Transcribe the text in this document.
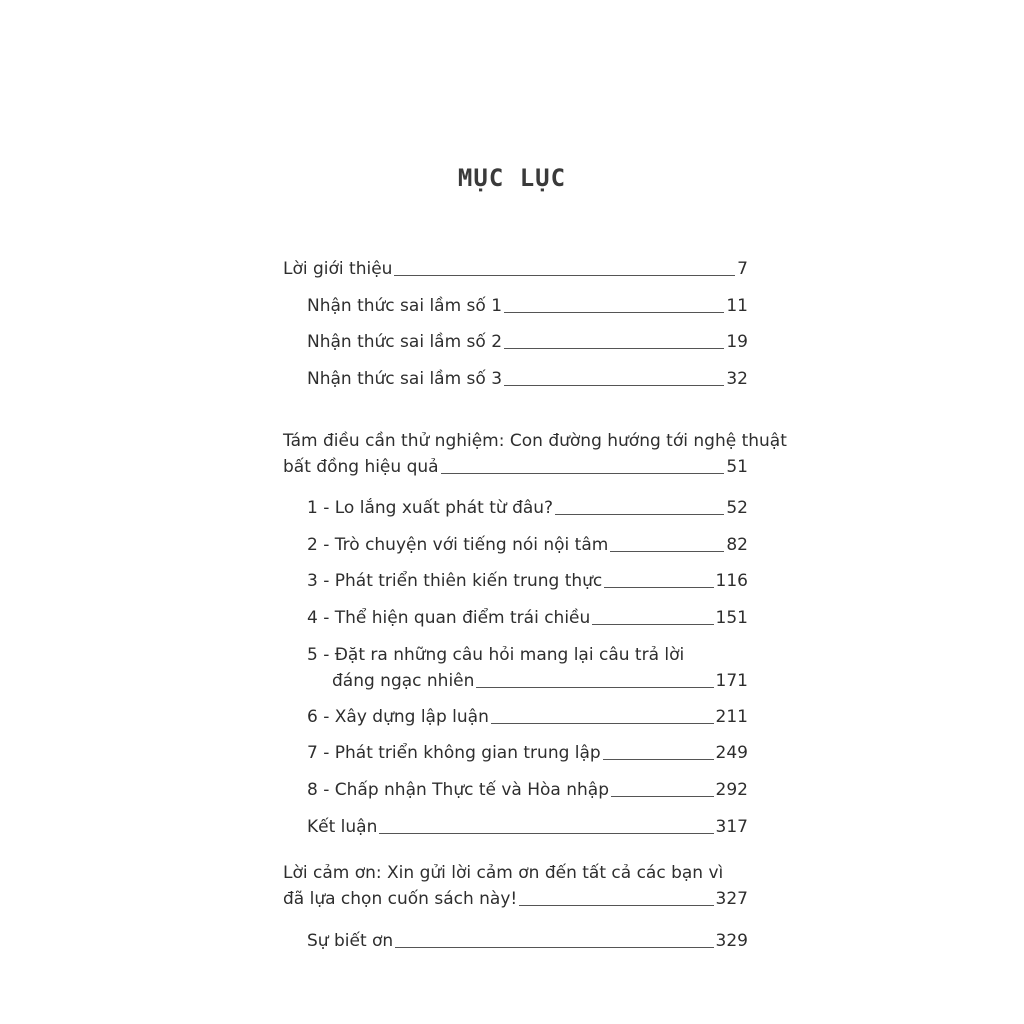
MỤC LỤC
Lời giới thiệu	7
Nhận thức sai lầm số 1	11
Nhận thức sai lầm số 2	19
Nhận thức sai lầm số 3	32
Tám điều cần thử nghiệm: Con đường hướng tới nghệ thuật
bất đồng hiệu quả	51
1 - Lo lắng xuất phát từ đâu?	52
2 - Trò chuyện với tiếng nói nội tâm	82
3 - Phát triển thiên kiến trung thực	116
4 - Thể hiện quan điểm trái chiều	151
5 - Đặt ra những câu hỏi mang lại câu trả lời
đáng ngạc nhiên	171
6 - Xây dựng lập luận	211
7 - Phát triển không gian trung lập	249
8 - Chấp nhận Thực tế và Hòa nhập	292
Kết luận	317
Lời cảm ơn: Xin gửi lời cảm ơn đến tất cả các bạn vì
đã lựa chọn cuốn sách này!	327
Sự biết ơn	329
